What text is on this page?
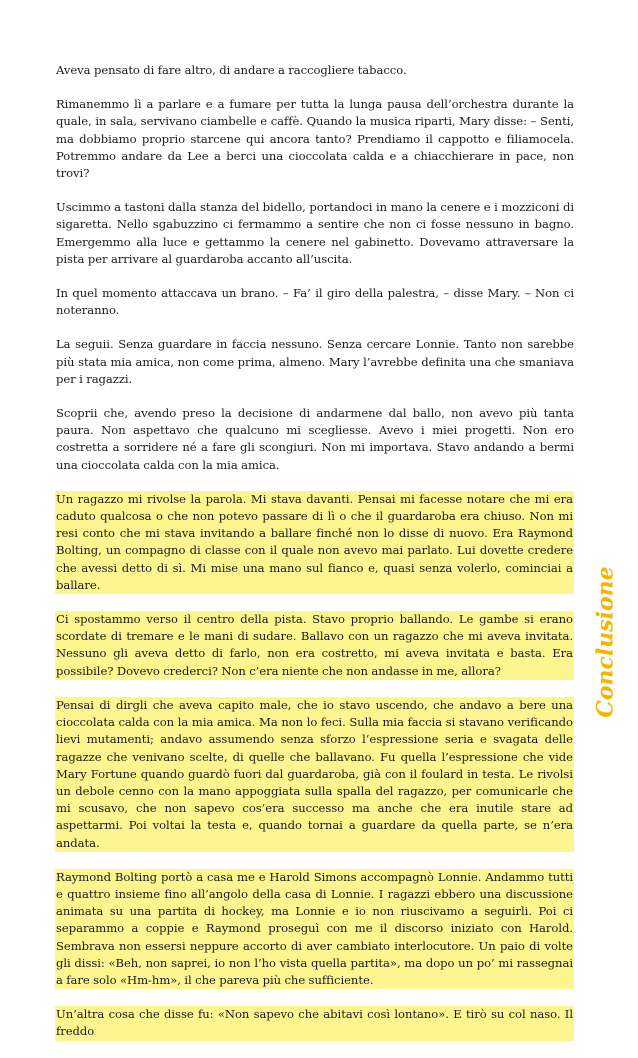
Aveva pensato di fare altro, di andare a raccogliere tabacco.

Rimanemmo lì a parlare e a fumare per tutta la lunga pausa dell’orchestra durante la quale, in sala, servivano ciambelle e caffè. Quando la musica riparti, Mary disse: – Senti, ma dobbiamo proprio starcene qui ancora tanto? Prendiamo il cappotto e filiamocela. Potremmo andare da Lee a berci una cioccolata calda e a chiacchierare in pace, non trovi?

Uscimmo a tastoni dalla stanza del bidello, portandoci in mano la cenere e i mozziconi di sigaretta. Nello sgabuzzino ci fermammo a sentire che non ci fosse nessuno in bagno. Emergemmo alla luce e gettammo la cenere nel gabinetto. Dovevamo attraversare la pista per arrivare al guardaroba accanto all’uscita.

In quel momento attaccava un brano. – Fa’ il giro della palestra, – disse Mary. – Non ci noteranno.

La seguii. Senza guardare in faccia nessuno. Senza cercare Lonnie. Tanto non sarebbe più stata mia amica, non come prima, almeno. Mary l’avrebbe definita una che smaniava per i ragazzi.

Scoprii che, avendo preso la decisione di andarmene dal ballo, non avevo più tanta paura. Non aspettavo che qualcuno mi scegliesse. Avevo i miei progetti. Non ero costretta a sorridere né a fare gli scongiuri. Non mi importava. Stavo andando a bermi una cioccolata calda con la mia amica.

Un ragazzo mi rivolse la parola. Mi stava davanti. Pensai mi facesse notare che mi era caduto qualcosa o che non potevo passare di lì o che il guardaroba era chiuso. Non mi resi conto che mi stava invitando a ballare finché non lo disse di nuovo. Era Raymond Bolting, un compagno di classe con il quale non avevo mai parlato. Lui dovette credere che avessi detto di sì. Mi mise una mano sul fianco e, quasi senza volerlo, cominciai a ballare.

Ci spostammo verso il centro della pista. Stavo proprio ballando. Le gambe si erano scordate di tremare e le mani di sudare. Ballavo con un ragazzo che mi aveva invitata. Nessuno gli aveva detto di farlo, non era costretto, mi aveva invitata e basta. Era possibile? Dovevo crederci? Non c’era niente che non andasse in me, allora?

Pensai di dirgli che aveva capito male, che io stavo uscendo, che andavo a bere una cioccolata calda con la mia amica. Ma non lo feci. Sulla mia faccia si stavano verificando lievi mutamenti; andavo assumendo senza sforzo l’espressione seria e svagata delle ragazze che venivano scelte, di quelle che ballavano. Fu quella l’espressione che vide Mary Fortune quando guardò fuori dal guardaroba, già con il foulard in testa. Le rivolsi un debole cenno con la mano appoggiata sulla spalla del ragazzo, per comunicarle che mi scusavo, che non sapevo cos’era successo ma anche che era inutile stare ad aspettarmi. Poi voltai la testa e, quando tornai a guardare da quella parte, se n’era andata.

Raymond Bolting portò a casa me e Harold Simons accompagnò Lonnie. Andammo tutti e quattro insieme fino all’angolo della casa di Lonnie. I ragazzi ebbero una discussione animata su una partita di hockey, ma Lonnie e io non riuscivamo a seguirli. Poi ci separammo a coppie e Raymond proseguì con me il discorso iniziato con Harold. Sembrava non essersi neppure accorto di aver cambiato interlocutore. Un paio di volte gli dissi: «Beh, non saprei, io non l’ho vista quella partita», ma dopo un po’ mi rassegnai a fare solo «Hm-hm», il che pareva più che sufficiente.

Un’altra cosa che disse fu: «Non sapevo che abitavi così lontano». E tirò su col naso. Il freddo

Conclusione
